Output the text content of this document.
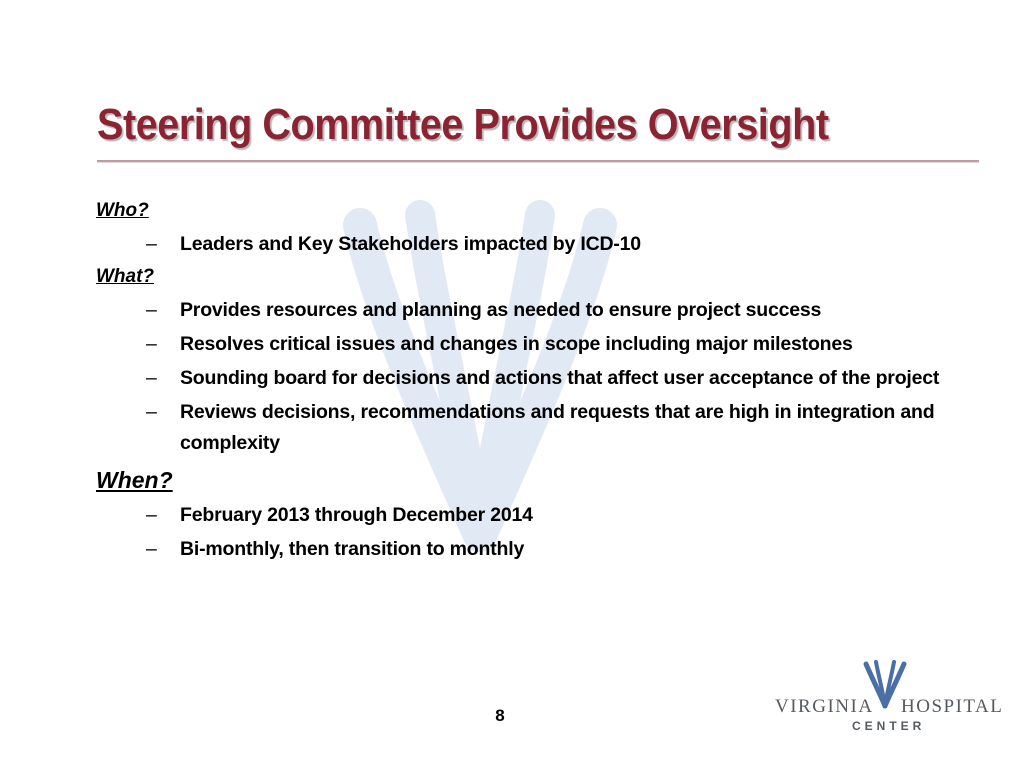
Steering Committee Provides Oversight

Who?

– Leaders and Key Stakeholders impacted by ICD-10

What?

– Provides resources and planning as needed to ensure project success
– Resolves critical issues and changes in scope including major milestones
– Sounding board for decisions and actions that affect user acceptance of the project
– Reviews decisions, recommendations and requests that are high in integration and complexity

When?

– February 2013 through December 2014
– Bi-monthly, then transition to monthly
8	VIRGINIA HOSPITAL
CENTER
